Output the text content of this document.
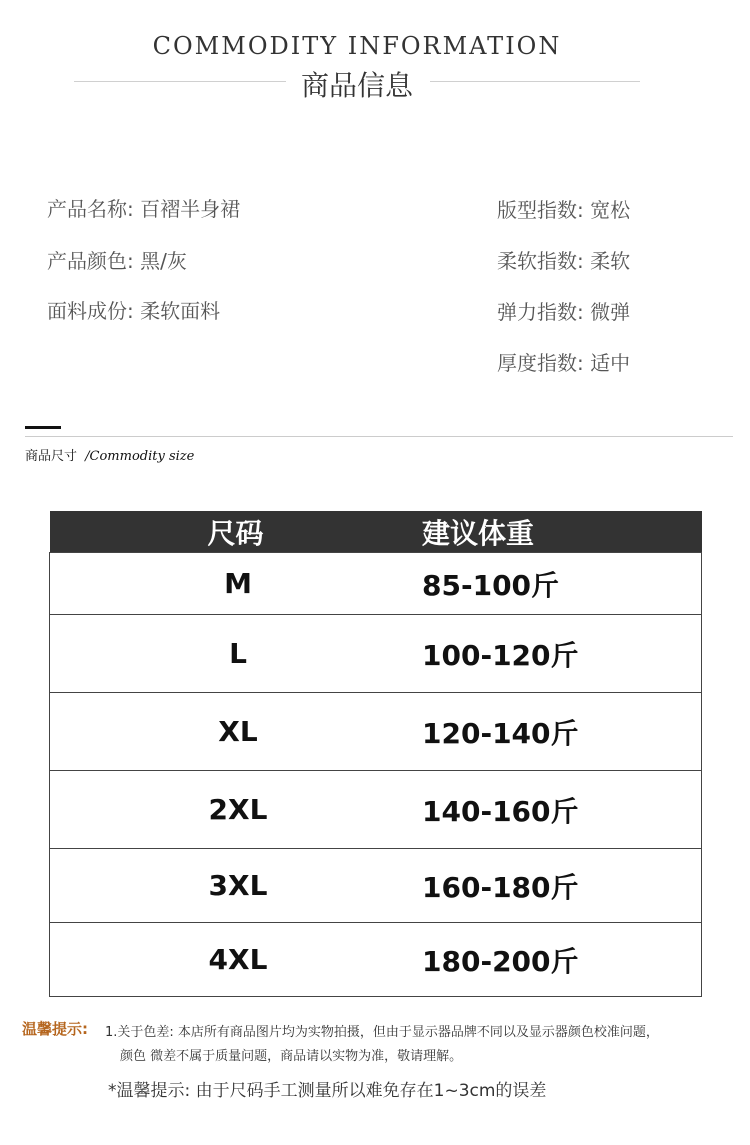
COMMODITY INFORMATION
商品信息
产品名称: 百褶半身裙
产品颜色: 黑/灰
面料成份: 柔软面料
版型指数: 宽松
柔软指数: 柔软
弹力指数: 微弹
厚度指数: 适中
商品尺寸 /Commodity size
尺码	建议体重
M	85-100斤
L	100-120斤
XL	120-140斤
2XL	140-160斤
3XL	160-180斤
4XL	180-200斤
温馨提示: 1.关于色差: 本店所有商品图片均为实物拍摄，但由于显示器品牌不同以及显示器颜色校准问题，
颜色 微差不属于质量问题，商品请以实物为准，敬请理解。
*温馨提示: 由于尺码手工测量所以难免存在1~3cm的误差
